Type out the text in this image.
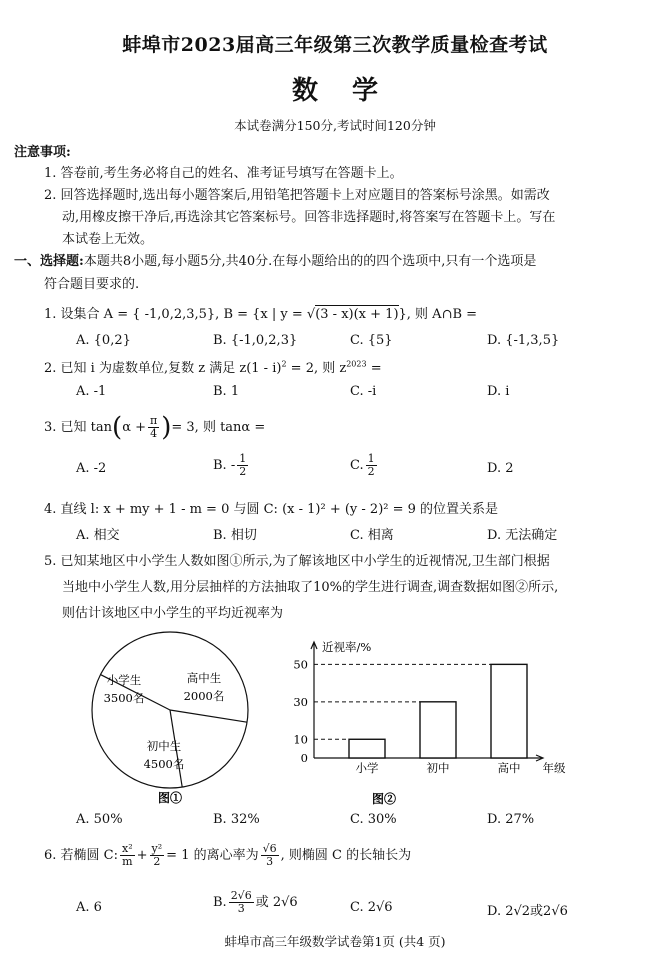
蚌埠市2023届高三年级第三次教学质量检查考试
数学
本试卷满分150分,考试时间120分钟
注意事项:
1. 答卷前,考生务必将自己的姓名、准考证号填写在答题卡上。
2. 回答选择题时,选出每小题答案后,用铅笔把答题卡上对应题目的答案标号涂黑。如需改
动,用橡皮擦干净后,再选涂其它答案标号。回答非选择题时,将答案写在答题卡上。写在
本试卷上无效。
一、选择题:本题共8小题,每小题5分,共40分.在每小题给出的的四个选项中,只有一个选项是
符合题目要求的.
1. 设集合 A = { -1,0,2,3,5}, B = {x | y = √(3 - x)(x + 1)}, 则 A∩B =
A. {0,2}	B. {-1,0,2,3}	C. {5}	D. {-1,3,5}
2. 已知 i 为虚数单位,复数 z 满足 z(1 - i)$^2$ = 2, 则 $z^{2023}$ =
A. -1	B. 1	C. -i	D. i
3. 已知 $\tan(\alpha + \frac{\pi}{4}$ )= 3, 则 tanα =
A. -2	B. - $\frac{1}{2}$	C. $\frac{1}{2}$	D. 2
4. 直线 l: x + my + 1 - m = 0 与圆 C: (x - 1)² + (y - 2)² = 9 的位置关系是
A. 相交	B. 相切	C. 相离	D. 无法确定
5. 已知某地区中小学生人数如图①所示,为了解该地区中小学生的近视情况,卫生部门根据
当地中小学生人数,用分层抽样的方法抽取了10%的学生进行调查,调查数据如图②所示,
则估计该地区中小学生的平均近视率为
小学生
3500名
高中生
2000名
初中生
4500名
图①
近视率/%
年级
0
10
小学
30
初中
50
高中
图②
A. 50%	B. 32%	C. 30%	D. 27%
6. 若椭圆 C: $\frac{\text{x²}}{m} + \frac{\text{y²}}{2} = 1$ 的离心率为 $\frac{√6}{3}$ , 则椭圆 C 的长轴长为
A. 6	B. $\frac{2√6}{3}$ 或 2√6	C. 2√6	D. 2√2或2√6
蚌埠市高三年级数学试卷第1页 (共4 页)
